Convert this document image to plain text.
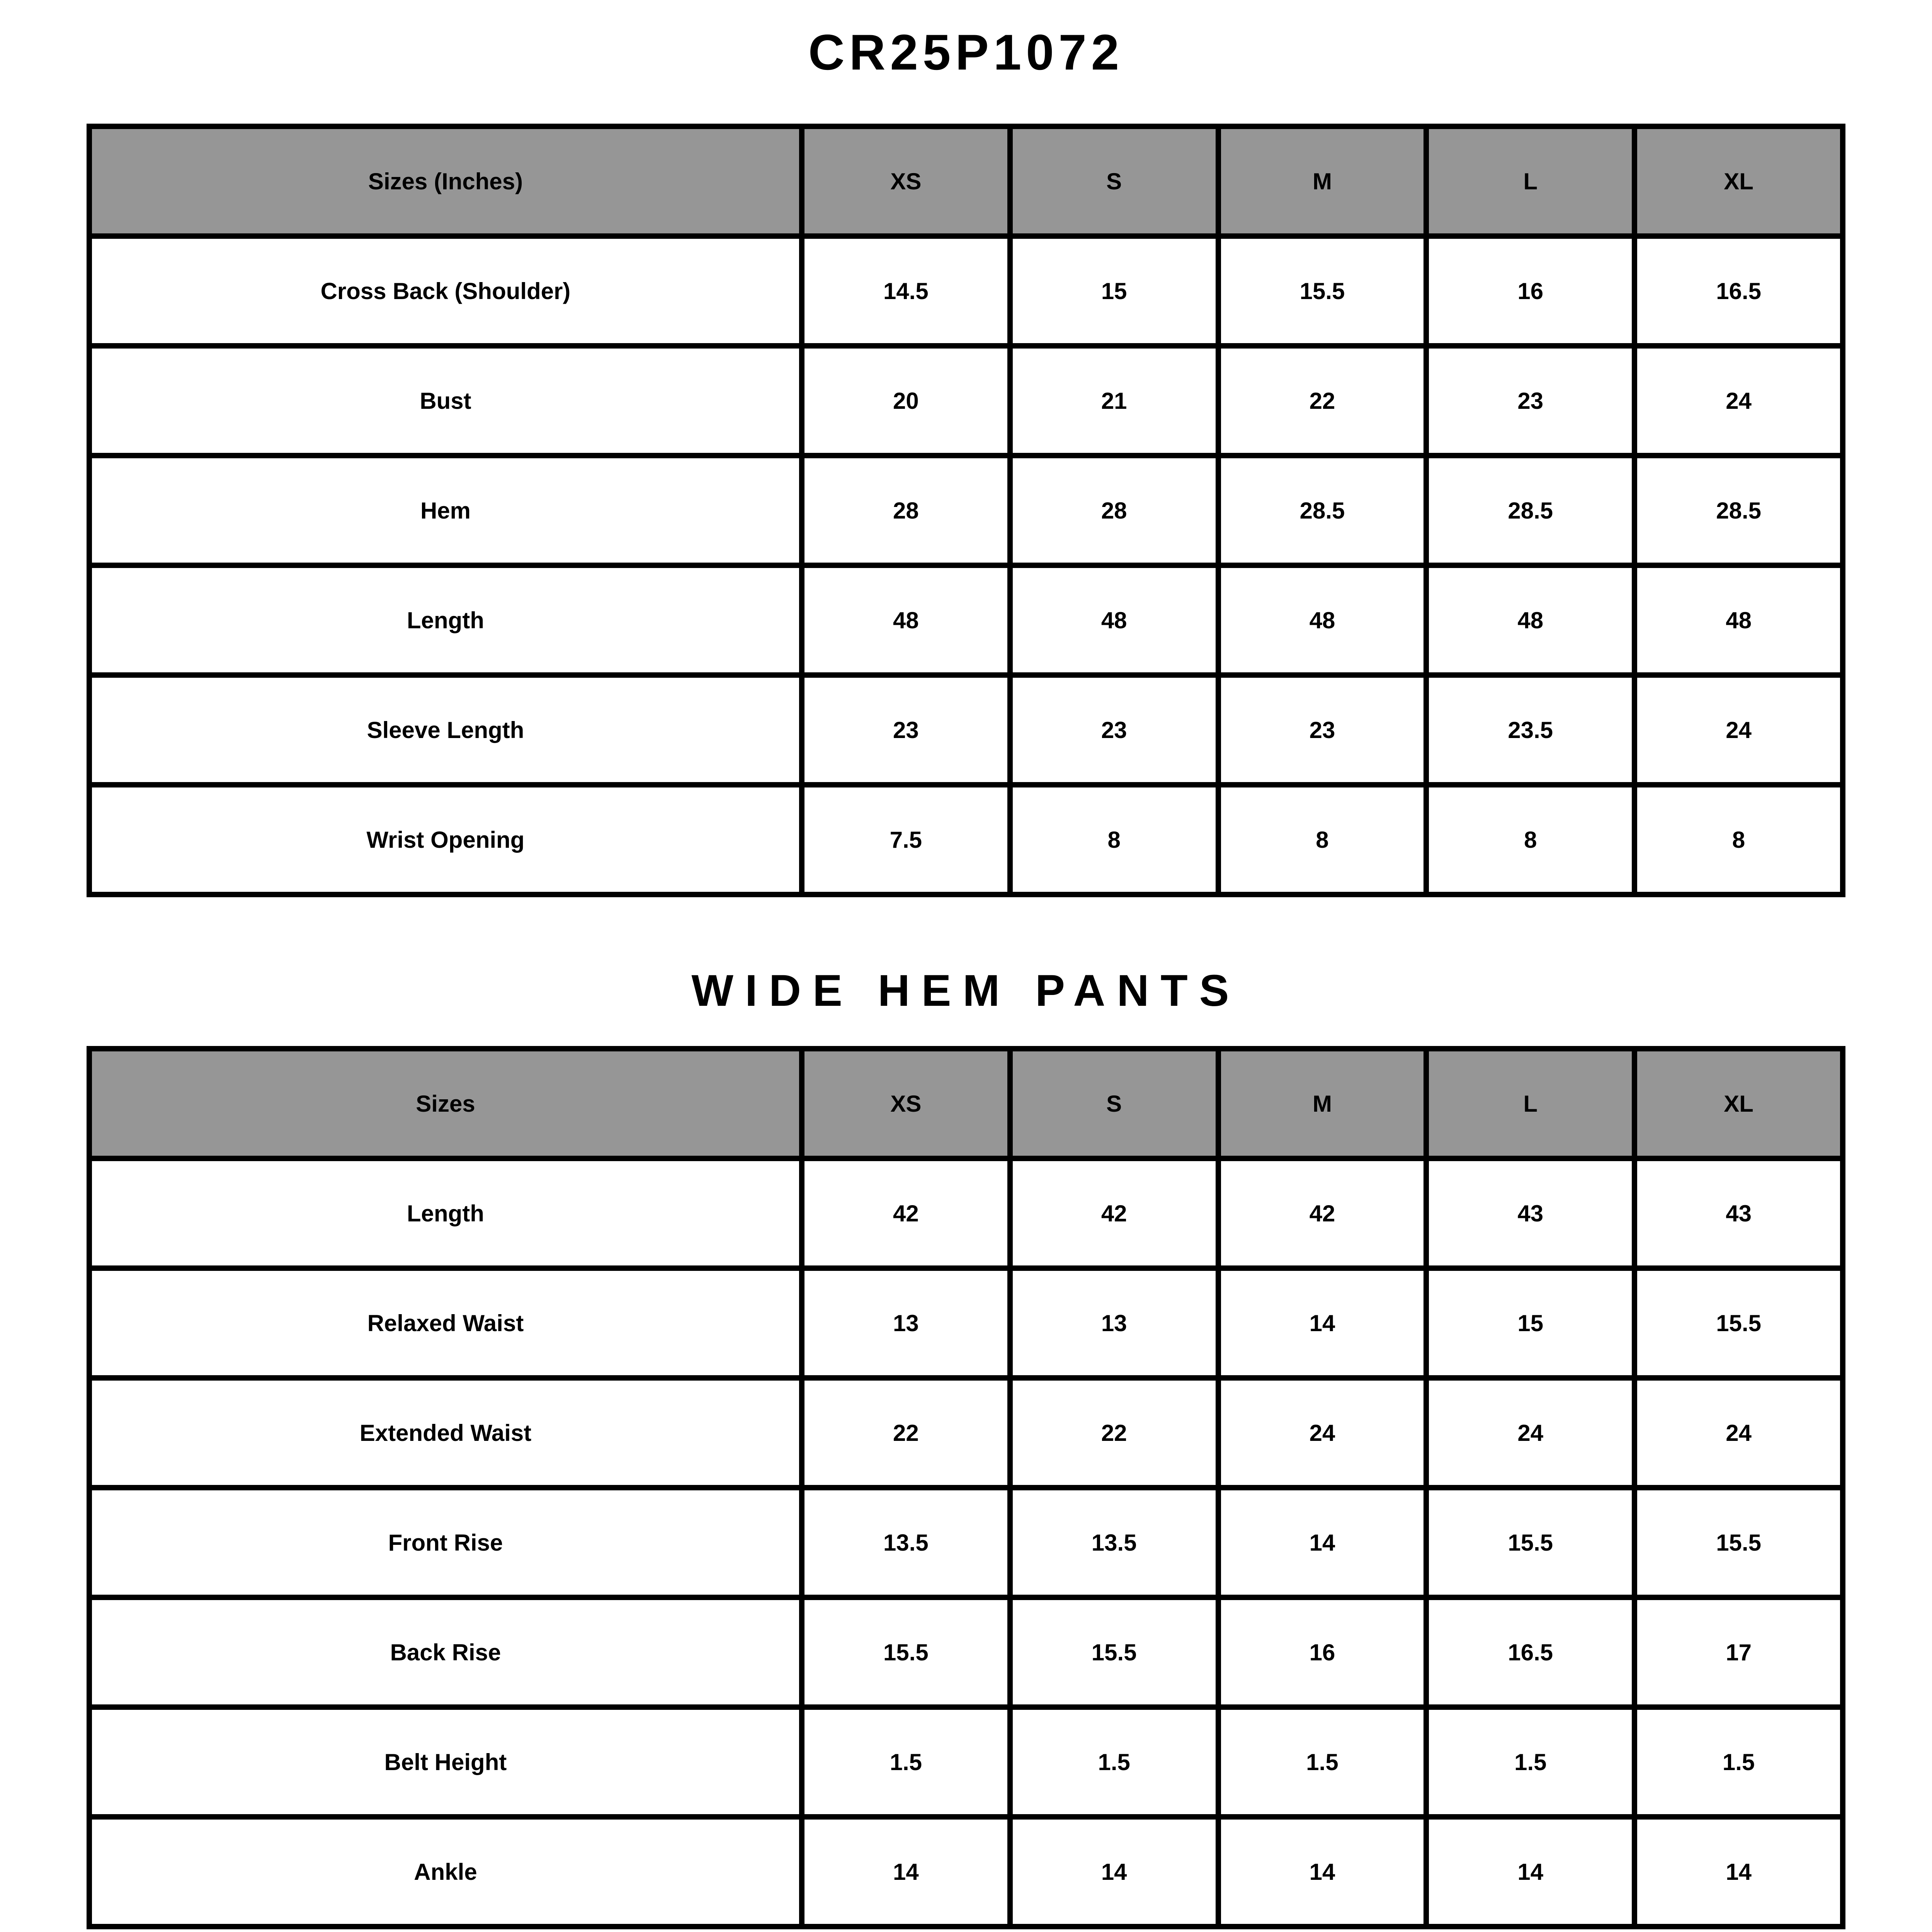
CR25P1072
Sizes (Inches)	XS	S	M	L	XL
Cross Back (Shoulder)	14.5	15	15.5	16	16.5
Bust	20	21	22	23	24
Hem	28	28	28.5	28.5	28.5
Length	48	48	48	48	48
Sleeve Length	23	23	23	23.5	24
Wrist Opening	7.5	8	8	8	8
WIDE HEM PANTS
Sizes	XS	S	M	L	XL
Length	42	42	42	43	43
Relaxed Waist	13	13	14	15	15.5
Extended Waist	22	22	24	24	24
Front Rise	13.5	13.5	14	15.5	15.5
Back Rise	15.5	15.5	16	16.5	17
Belt Height	1.5	1.5	1.5	1.5	1.5
Ankle	14	14	14	14	14
